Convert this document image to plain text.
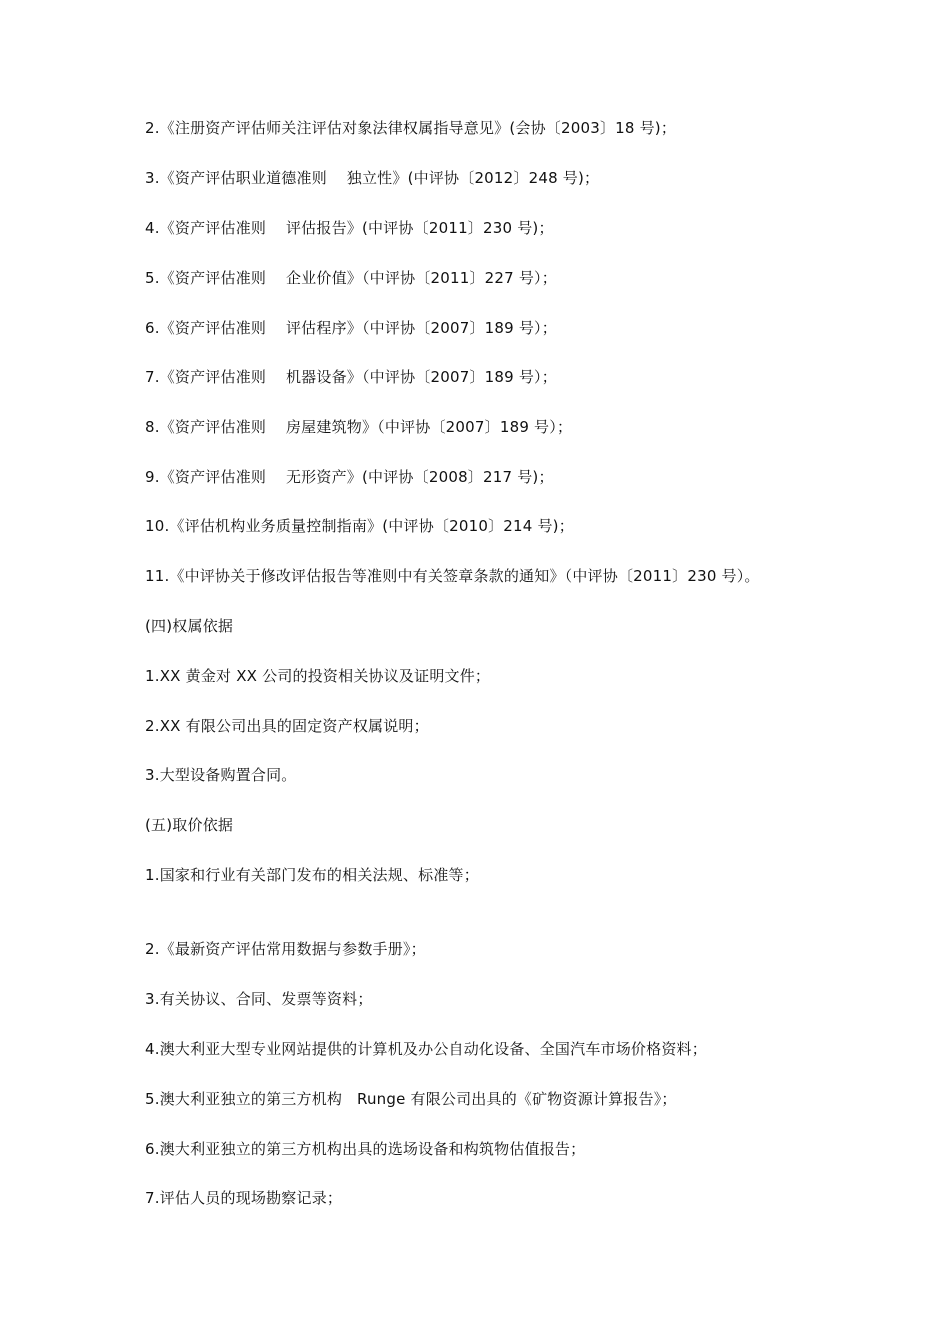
2.《注册资产评估师关注评估对象法律权属指导意见》(会协〔2003〕18 号)；
3.《资产评估职业道德准则    独立性》(中评协〔2012〕248 号)；
4.《资产评估准则    评估报告》(中评协〔2011〕230 号)；
5.《资产评估准则    企业价值》（中评协〔2011〕227 号）；
6.《资产评估准则    评估程序》（中评协〔2007〕189 号）；
7.《资产评估准则    机器设备》（中评协〔2007〕189 号）；
8.《资产评估准则    房屋建筑物》（中评协〔2007〕189 号）；
9.《资产评估准则    无形资产》(中评协〔2008〕217 号)；
10.《评估机构业务质量控制指南》(中评协〔2010〕214 号)；
11.《中评协关于修改评估报告等准则中有关签章条款的通知》（中评协〔2011〕230 号）。
(四)权属依据
1.XX 黄金对 XX 公司的投资相关协议及证明文件；
2.XX 有限公司出具的固定资产权属说明；
3.大型设备购置合同。
(五)取价依据
1.国家和行业有关部门发布的相关法规、标准等；
2.《最新资产评估常用数据与参数手册》；
3.有关协议、合同、发票等资料；
4.澳大利亚大型专业网站提供的计算机及办公自动化设备、全国汽车市场价格资料；
5.澳大利亚独立的第三方机构   Runge 有限公司出具的《矿物资源计算报告》；
6.澳大利亚独立的第三方机构出具的选场设备和构筑物估值报告；
7.评估人员的现场勘察记录；
